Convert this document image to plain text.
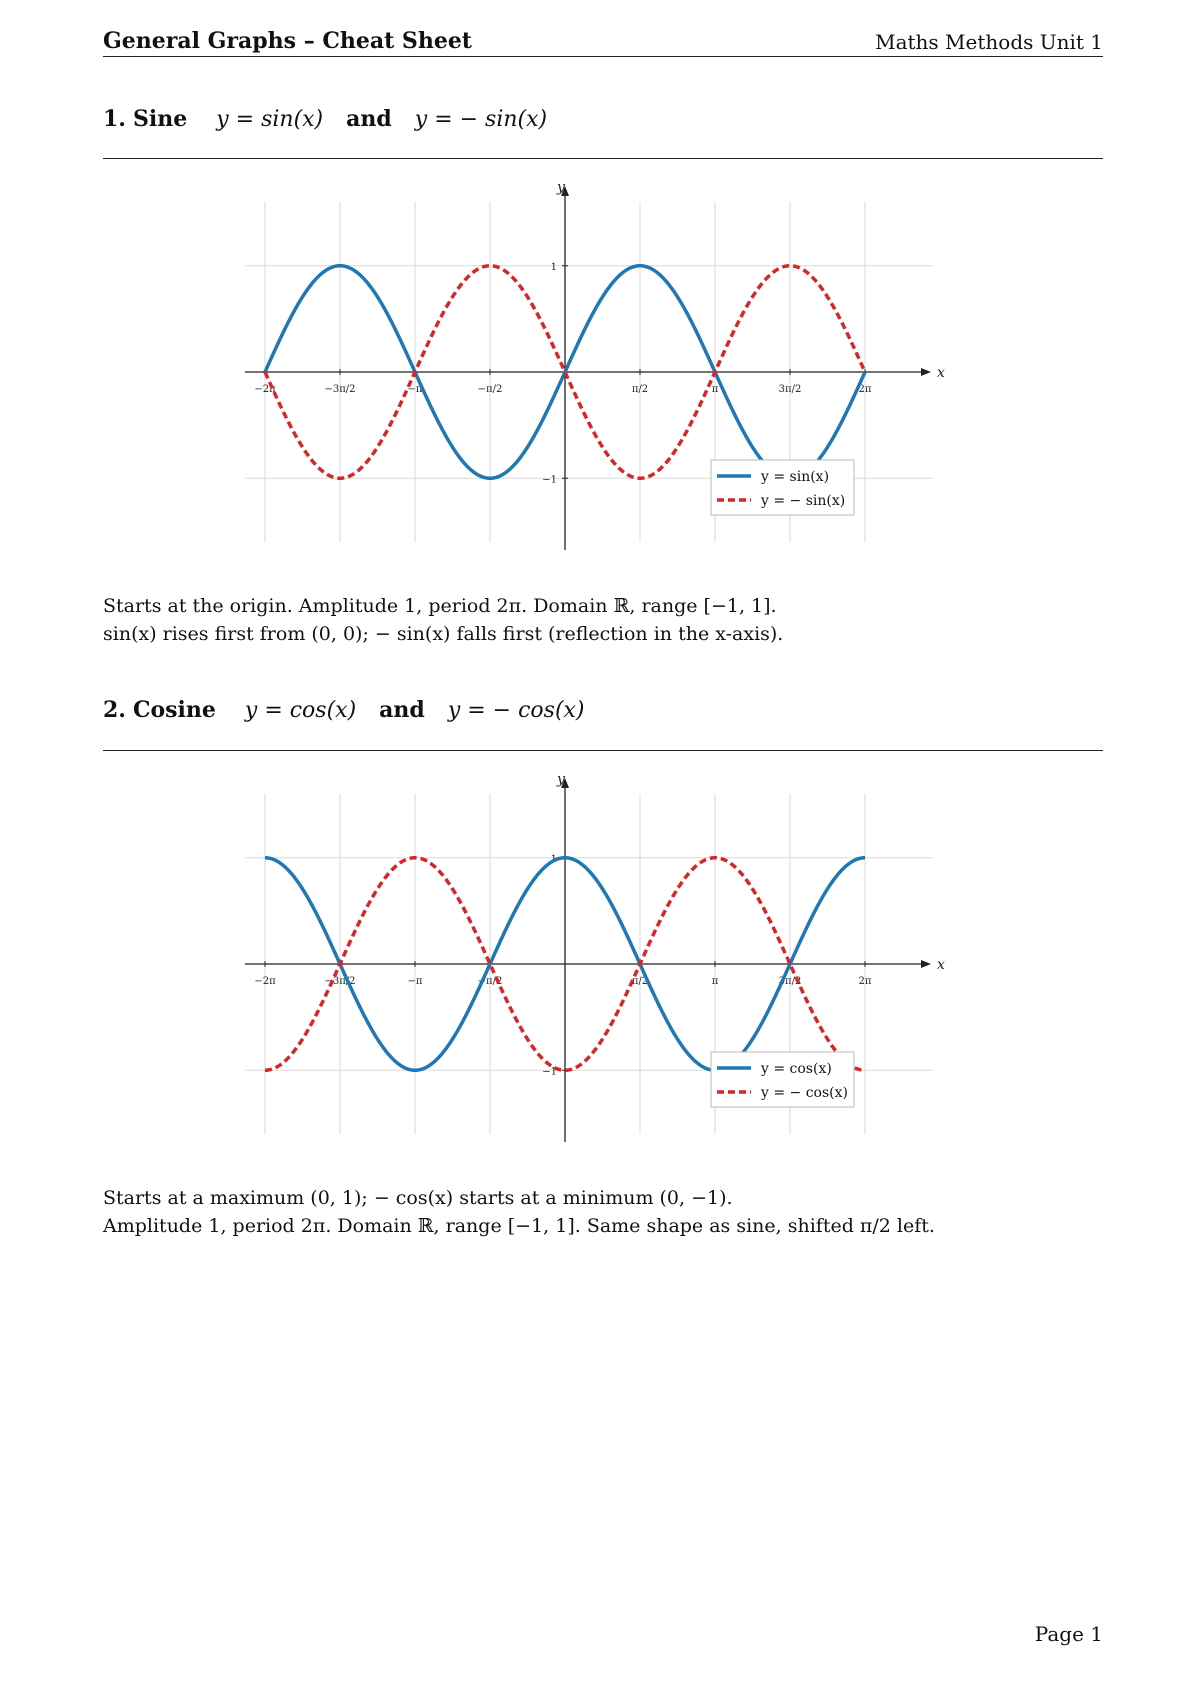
General Graphs – Cheat Sheet	Maths Methods Unit 1
1. Sine y = sin(x) and y = − sin(x)
x
y
−2π	−3π/2	−π	−π/2	π/2	π	3π/2	2π
−1
1
y = sin(x)
y = − sin(x)

Starts at the origin. Amplitude 1, period 2π. Domain ℝ, range [−1, 1].

sin(x) rises first from (0, 0); − sin(x) falls first (reflection in the x-axis).

2. Cosine y = cos(x) and y = − cos(x)
x
y
−2π	−3π/2	−π	−π/2	π/2	π	3π/2	2π
−1
1
y = cos(x)
y = − cos(x)

Starts at a maximum (0, 1); − cos(x) starts at a minimum (0, −1).

Amplitude 1, period 2π. Domain ℝ, range [−1, 1]. Same shape as sine, shifted π/2 left.

Page 1
